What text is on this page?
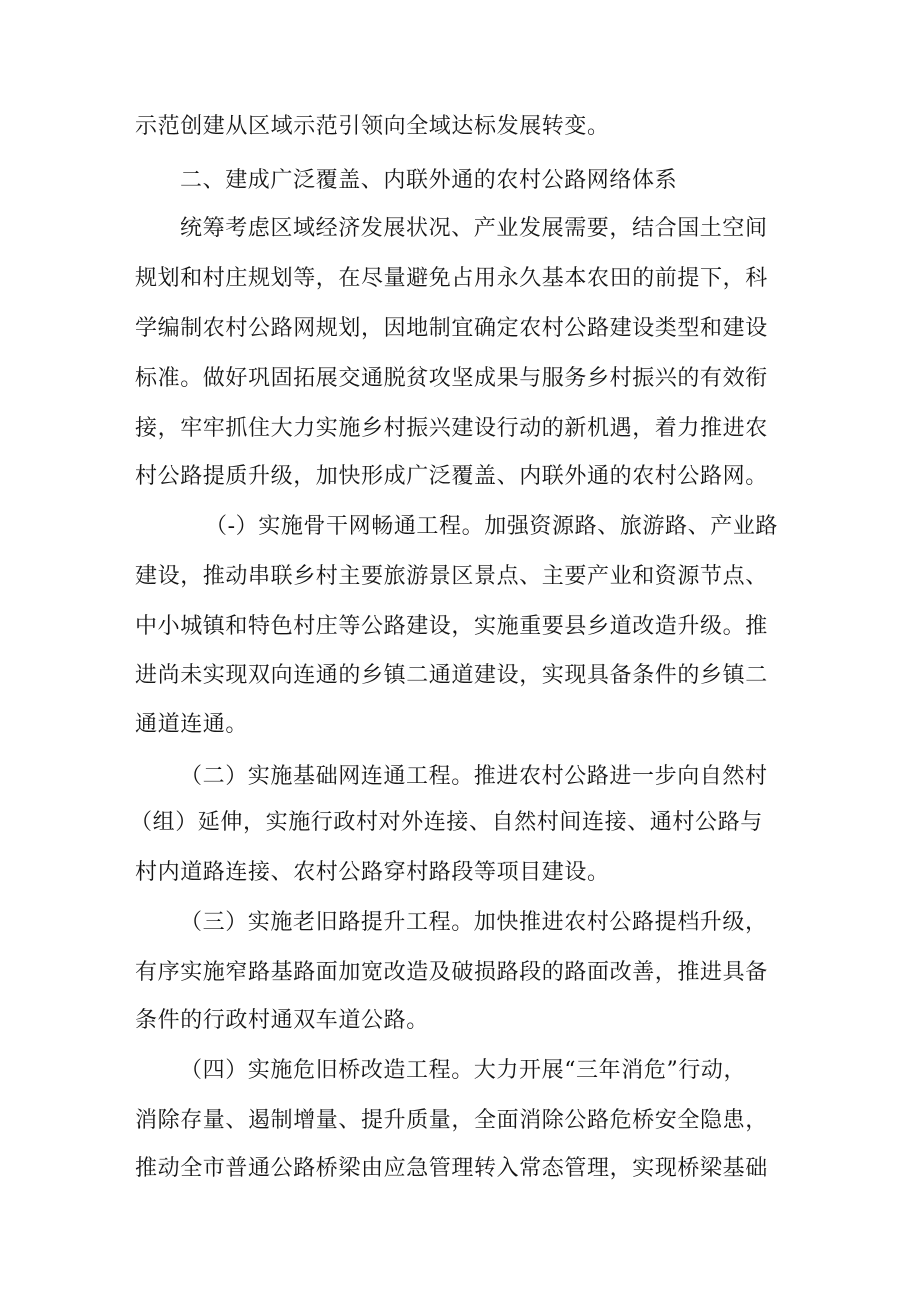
示范创建从区域示范引领向全域达标发展转变。
二、建成广泛覆盖、内联外通的农村公路网络体系
统筹考虑区域经济发展状况、产业发展需要，结合国土空间
规划和村庄规划等，在尽量避免占用永久基本农田的前提下，科
学编制农村公路网规划，因地制宜确定农村公路建设类型和建设
标准。做好巩固拓展交通脱贫攻坚成果与服务乡村振兴的有效衔
接，牢牢抓住大力实施乡村振兴建设行动的新机遇，着力推进农
村公路提质升级，加快形成广泛覆盖、内联外通的农村公路网。
（-）实施骨干网畅通工程。加强资源路、旅游路、产业路
建设，推动串联乡村主要旅游景区景点、主要产业和资源节点、
中小城镇和特色村庄等公路建设，实施重要县乡道改造升级。推
进尚未实现双向连通的乡镇二通道建设，实现具备条件的乡镇二
通道连通。
（二）实施基础网连通工程。推进农村公路进一步向自然村
（组）延伸，实施行政村对外连接、自然村间连接、通村公路与
村内道路连接、农村公路穿村路段等项目建设。
（三）实施老旧路提升工程。加快推进农村公路提档升级，
有序实施窄路基路面加宽改造及破损路段的路面改善，推进具备
条件的行政村通双车道公路。
（四）实施危旧桥改造工程。大力开展“三年消危”行动，
消除存量、遏制增量、提升质量，全面消除公路危桥安全隐患，
推动全市普通公路桥梁由应急管理转入常态管理，实现桥梁基础
